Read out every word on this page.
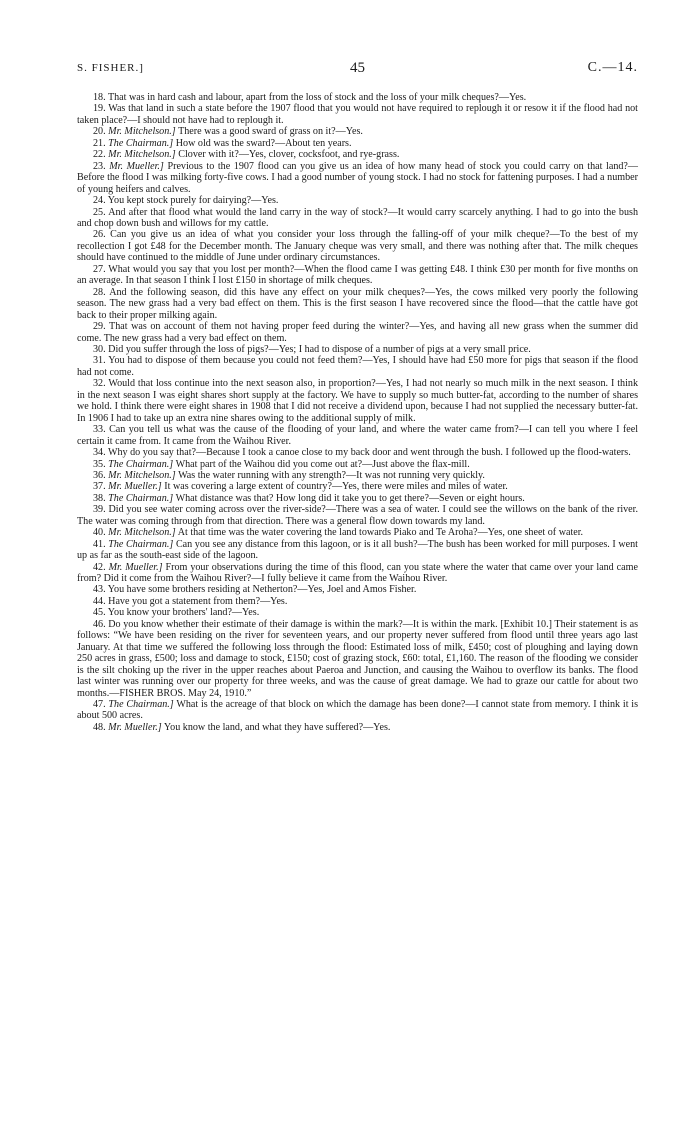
S. FISHER.]	45	C.—14.

18. That was in hard cash and labour, apart from the loss of stock and the loss of your milk cheques?—Yes.

19. Was that land in such a state before the 1907 flood that you would not have required to replough it or resow it if the flood had not taken place?—I should not have had to replough it.

20. Mr. Mitchelson.] There was a good sward of grass on it?—Yes.

21. The Chairman.] How old was the sward?—About ten years.

22. Mr. Mitchelson.] Clover with it?—Yes, clover, cocksfoot, and rye-grass.

23. Mr. Mueller.] Previous to the 1907 flood can you give us an idea of how many head of stock you could carry on that land?—Before the flood I was milking forty-five cows. I had a good number of young stock. I had no stock for fattening purposes. I had a number of young heifers and calves.

24. You kept stock purely for dairying?—Yes.

25. And after that flood what would the land carry in the way of stock?—It would carry scarcely anything. I had to go into the bush and chop down bush and willows for my cattle.

26. Can you give us an idea of what you consider your loss through the falling-off of your milk cheque?—To the best of my recollection I got £48 for the December month. The January cheque was very small, and there was nothing after that. The milk cheques should have continued to the middle of June under ordinary circumstances.

27. What would you say that you lost per month?—When the flood came I was getting £48. I think £30 per month for five months on an average. In that season I think I lost £150 in shortage of milk cheques.

28. And the following season, did this have any effect on your milk cheques?—Yes, the cows milked very poorly the following season. The new grass had a very bad effect on them. This is the first season I have recovered since the flood—that the cattle have got back to their proper milking again.

29. That was on account of them not having proper feed during the winter?—Yes, and having all new grass when the summer did come. The new grass had a very bad effect on them.

30. Did you suffer through the loss of pigs?—Yes; I had to dispose of a number of pigs at a very small price.

31. You had to dispose of them because you could not feed them?—Yes, I should have had £50 more for pigs that season if the flood had not come.

32. Would that loss continue into the next season also, in proportion?—Yes, I had not nearly so much milk in the next season. I think in the next season I was eight shares short supply at the factory. We have to supply so much butter-fat, according to the number of shares we hold. I think there were eight shares in 1908 that I did not receive a dividend upon, because I had not supplied the necessary butter-fat. In 1906 I had to take up an extra nine shares owing to the additional supply of milk.

33. Can you tell us what was the cause of the flooding of your land, and where the water came from?—I can tell you where I feel certain it came from. It came from the Waihou River.

34. Why do you say that?—Because I took a canoe close to my back door and went through the bush. I followed up the flood-waters.

35. The Chairman.] What part of the Waihou did you come out at?—Just above the flax-mill.

36. Mr. Mitchelson.] Was the water running with any strength?—It was not running very quickly.

37. Mr. Mueller.] It was covering a large extent of country?—Yes, there were miles and miles of water.

38. The Chairman.] What distance was that? How long did it take you to get there?—Seven or eight hours.

39. Did you see water coming across over the river-side?—There was a sea of water. I could see the willows on the bank of the river. The water was coming through from that direction. There was a general flow down towards my land.

40. Mr. Mitchelson.] At that time was the water covering the land towards Piako and Te Aroha?—Yes, one sheet of water.

41. The Chairman.] Can you see any distance from this lagoon, or is it all bush?—The bush has been worked for mill purposes. I went up as far as the south-east side of the lagoon.

42. Mr. Mueller.] From your observations during the time of this flood, can you state where the water that came over your land came from? Did it come from the Waihou River?—I fully believe it came from the Waihou River.

43. You have some brothers residing at Netherton?—Yes, Joel and Amos Fisher.

44. Have you got a statement from them?—Yes.

45. You know your brothers' land?—Yes.

46. Do you know whether their estimate of their damage is within the mark?—It is within the mark. [Exhibit 10.] Their statement is as follows: “We have been residing on the river for seventeen years, and our property never suffered from flood until three years ago last January. At that time we suffered the following loss through the flood: Estimated loss of milk, £450; cost of ploughing and laying down 250 acres in grass, £500; loss and damage to stock, £150; cost of grazing stock, £60: total, £1,160. The reason of the flooding we consider is the silt choking up the river in the upper reaches about Paeroa and Junction, and causing the Waihou to overflow its banks. The flood last winter was running over our property for three weeks, and was the cause of great damage. We had to graze our cattle for about two months.—FISHER BROS. May 24, 1910.”

47. The Chairman.] What is the acreage of that block on which the damage has been done?—I cannot state from memory. I think it is about 500 acres.

48. Mr. Mueller.] You know the land, and what they have suffered?—Yes.
